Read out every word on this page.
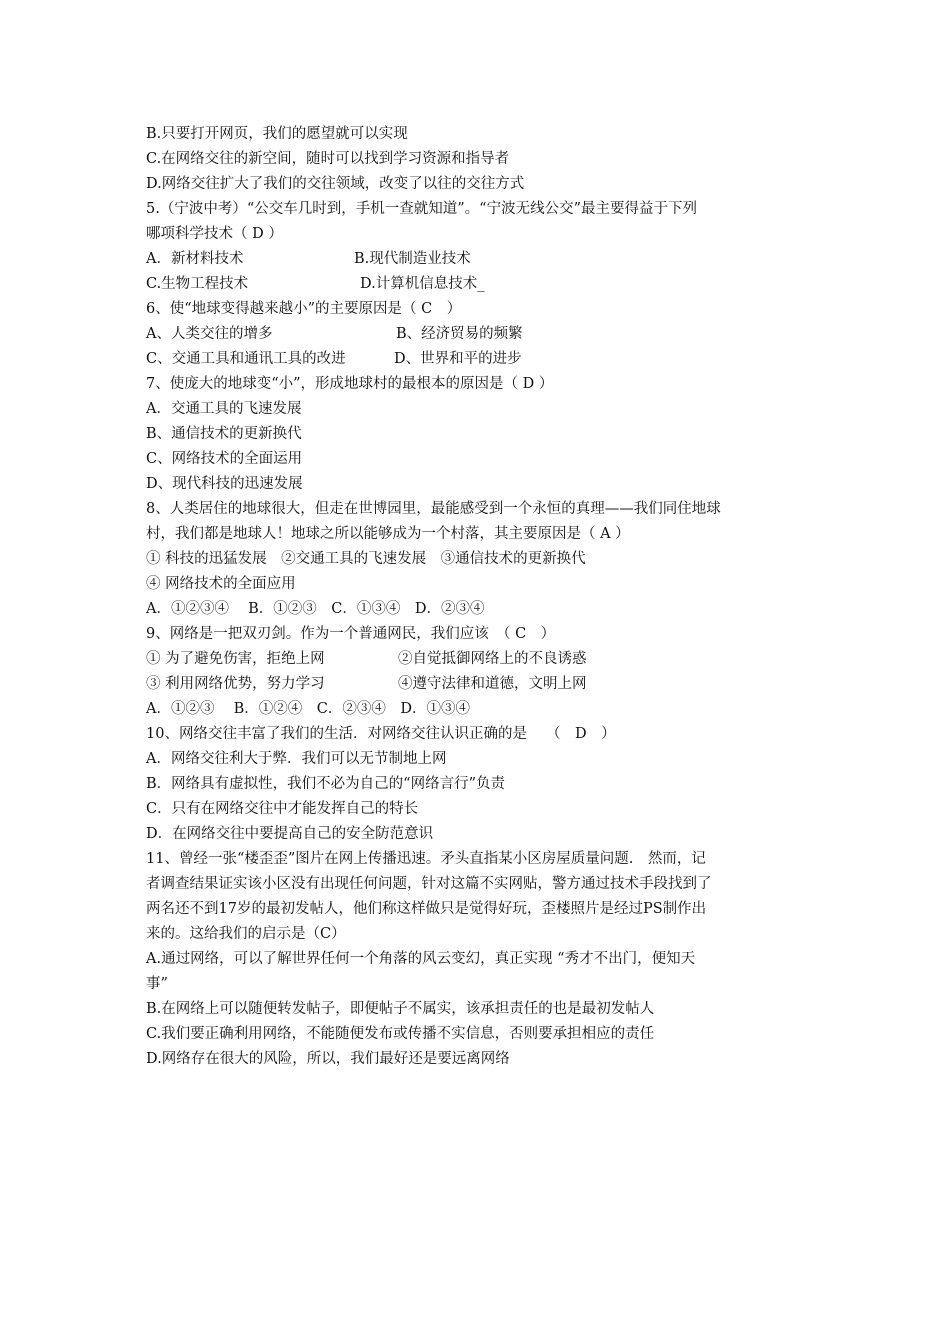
B.只要打开网页，我们的愿望就可以实现
C.在网络交往的新空间，随时可以找到学习资源和指导者
D.网络交往扩大了我们的交往领域，改变了以往的交往方式
5.（宁波中考）“公交车几时到，手机一查就知道”。“宁波无线公交”最主要得益于下列
哪项科学技术（ D ）
A．新材料技术	B.现代制造业技术
C.生物工程技术	D.计算机信息技术_
6、使“地球变得越来越小”的主要原因是（ C　）
A、人类交往的增多	B、经济贸易的频繁
C、交通工具和通讯工具的改进	D、世界和平的进步
7、使庞大的地球变“小”，形成地球村的最根本的原因是（ D ）
A．交通工具的飞速发展
B、通信技术的更新换代
C、网络技术的全面运用
D、现代科技的迅速发展
8、人类居住的地球很大，但走在世博园里，最能感受到一个永恒的真理——我们同住地球
村，我们都是地球人！地球之所以能够成为一个村落，其主要原因是（ A ）
① 科技的迅猛发展　②交通工具的飞速发展　③通信技术的更新换代
④ 网络技术的全面应用
A．①②③④　 B．①②③　C．①③④　D．②③④
9、网络是一把双刃剑。作为一个普通网民，我们应该　（ C　）
① 为了避免伤害，拒绝上网	②自觉抵御网络上的不良诱惑
③ 利用网络优势，努力学习	④遵守法律和道德，文明上网
A．①②③　 B．①②④　C．②③④　D．①③④
10、网络交往丰富了我们的生活．对网络交往认识正确的是　 （　D　）
A．网络交往利大于弊．我们可以无节制地上网
B．网络具有虚拟性，我们不必为自己的“网络言行”负责
C．只有在网络交往中才能发挥自己的特长
D．在网络交往中要提高自己的安全防范意识
11、曾经一张“楼歪歪”图片在网上传播迅速。矛头直指某小区房屋质量问题.　然而，记
者调查结果证实该小区没有出现任何问题，针对这篇不实网贴，警方通过技术手段找到了
两名还不到17岁的最初发帖人，他们称这样做只是觉得好玩，歪楼照片是经过PS制作出
来的。这给我们的启示是（C）
A.通过网络，可以了解世界任何一个角落的风云变幻，真正实现 “秀才不出门，便知天
事”
B.在网络上可以随便转发帖子，即便帖子不属实，该承担责任的也是最初发帖人
C.我们要正确利用网络，不能随便发布或传播不实信息，否则要承担相应的责任
D.网络存在很大的风险，所以，我们最好还是要远离网络
